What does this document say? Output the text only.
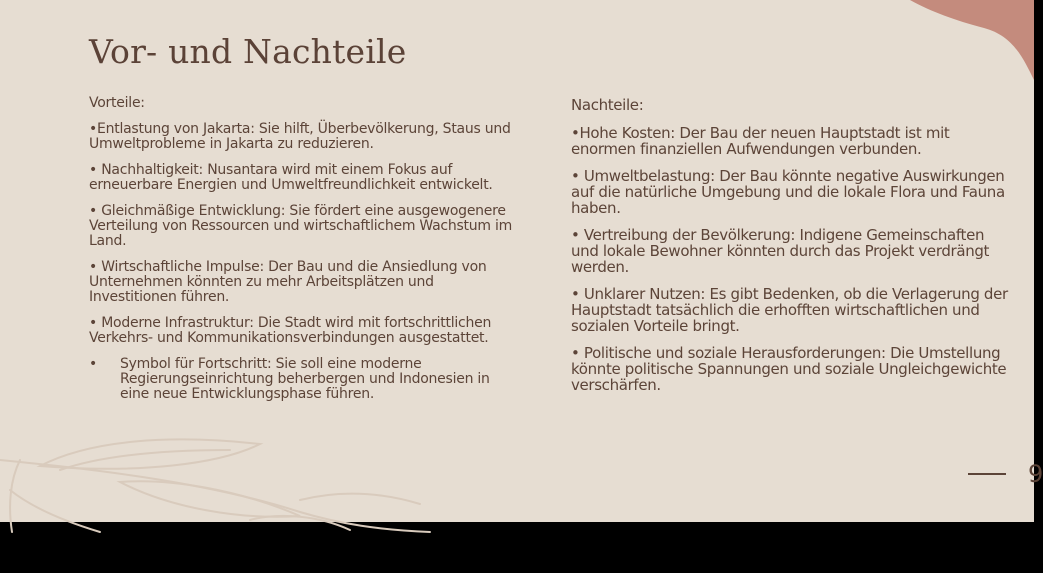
Vor- und Nachteile

Vorteile:

•Entlastung von Jakarta: Sie hilft, Überbevölkerung, Staus und Umweltprobleme in Jakarta zu reduzieren.

• Nachhaltigkeit: Nusantara wird mit einem Fokus auf erneuerbare Energien und Umweltfreundlichkeit entwickelt.

• Gleichmäßige Entwicklung: Sie fördert eine ausgewogenere Verteilung von Ressourcen und wirtschaftlichem Wachstum im Land.

• Wirtschaftliche Impulse: Der Bau und die Ansiedlung von Unternehmen könnten zu mehr Arbeitsplätzen und Investitionen führen.

• Moderne Infrastruktur: Die Stadt wird mit fortschrittlichen Verkehrs- und Kommunikationsverbindungen ausgestattet.

• Symbol für Fortschritt: Sie soll eine moderne Regierungseinrichtung beherbergen und Indonesien in eine neue Entwicklungsphase führen.

Nachteile:

•Hohe Kosten: Der Bau der neuen Hauptstadt ist mit enormen finanziellen Aufwendungen verbunden.

• Umweltbelastung: Der Bau könnte negative Auswirkungen auf die natürliche Umgebung und die lokale Flora und Fauna haben.

• Vertreibung der Bevölkerung: Indigene Gemeinschaften und lokale Bewohner könnten durch das Projekt verdrängt werden.

• Unklarer Nutzen: Es gibt Bedenken, ob die Verlagerung der Hauptstadt tatsächlich die erhofften wirtschaftlichen und sozialen Vorteile bringt.

• Politische und soziale Herausforderungen: Die Umstellung könnte politische Spannungen und soziale Ungleichgewichte verschärfen.

9
